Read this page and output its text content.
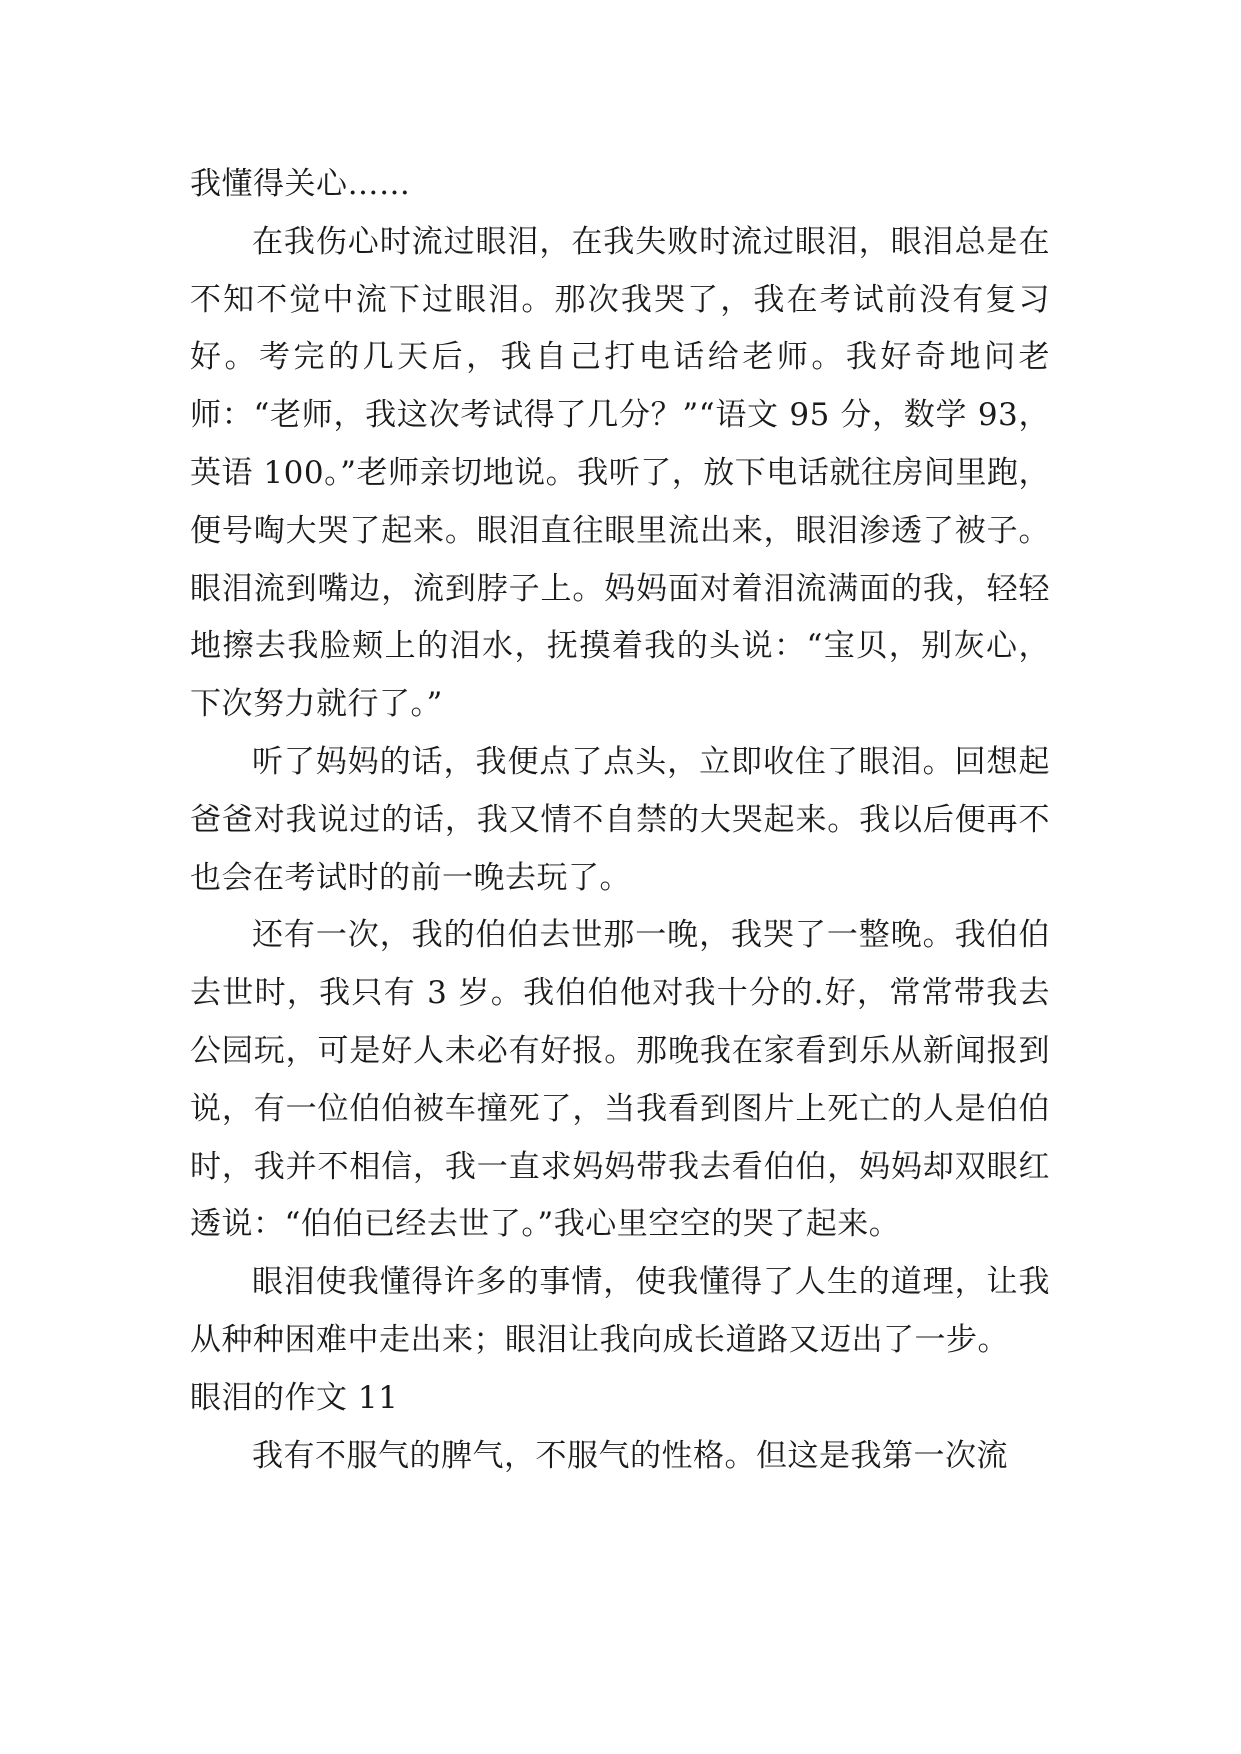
我懂得关心……

在我伤心时流过眼泪，在我失败时流过眼泪，眼泪总是在不知不觉中流下过眼泪。那次我哭了，我在考试前没有复习好。考完的几天后，我自己打电话给老师。我好奇地问老师：“老师，我这次考试得了几分？”“语文 95 分，数学 93，英语 100。”老师亲切地说。我听了，放下电话就往房间里跑，便号啕大哭了起来。眼泪直往眼里流出来，眼泪渗透了被子。眼泪流到嘴边，流到脖子上。妈妈面对着泪流满面的我，轻轻地擦去我脸颊上的泪水，抚摸着我的头说：“宝贝，别灰心，下次努力就行了。”

听了妈妈的话，我便点了点头，立即收住了眼泪。回想起爸爸对我说过的话，我又情不自禁的大哭起来。我以后便再不也会在考试时的前一晚去玩了。

还有一次，我的伯伯去世那一晚，我哭了一整晚。我伯伯去世时，我只有 3 岁。我伯伯他对我十分的.好，常常带我去公园玩，可是好人未必有好报。那晚我在家看到乐从新闻报到说，有一位伯伯被车撞死了，当我看到图片上死亡的人是伯伯时，我并不相信，我一直求妈妈带我去看伯伯，妈妈却双眼红透说：“伯伯已经去世了。”我心里空空的哭了起来。

眼泪使我懂得许多的事情，使我懂得了人生的道理，让我从种种困难中走出来；眼泪让我向成长道路又迈出了一步。

眼泪的作文 11

我有不服气的脾气，不服气的性格。但这是我第一次流
